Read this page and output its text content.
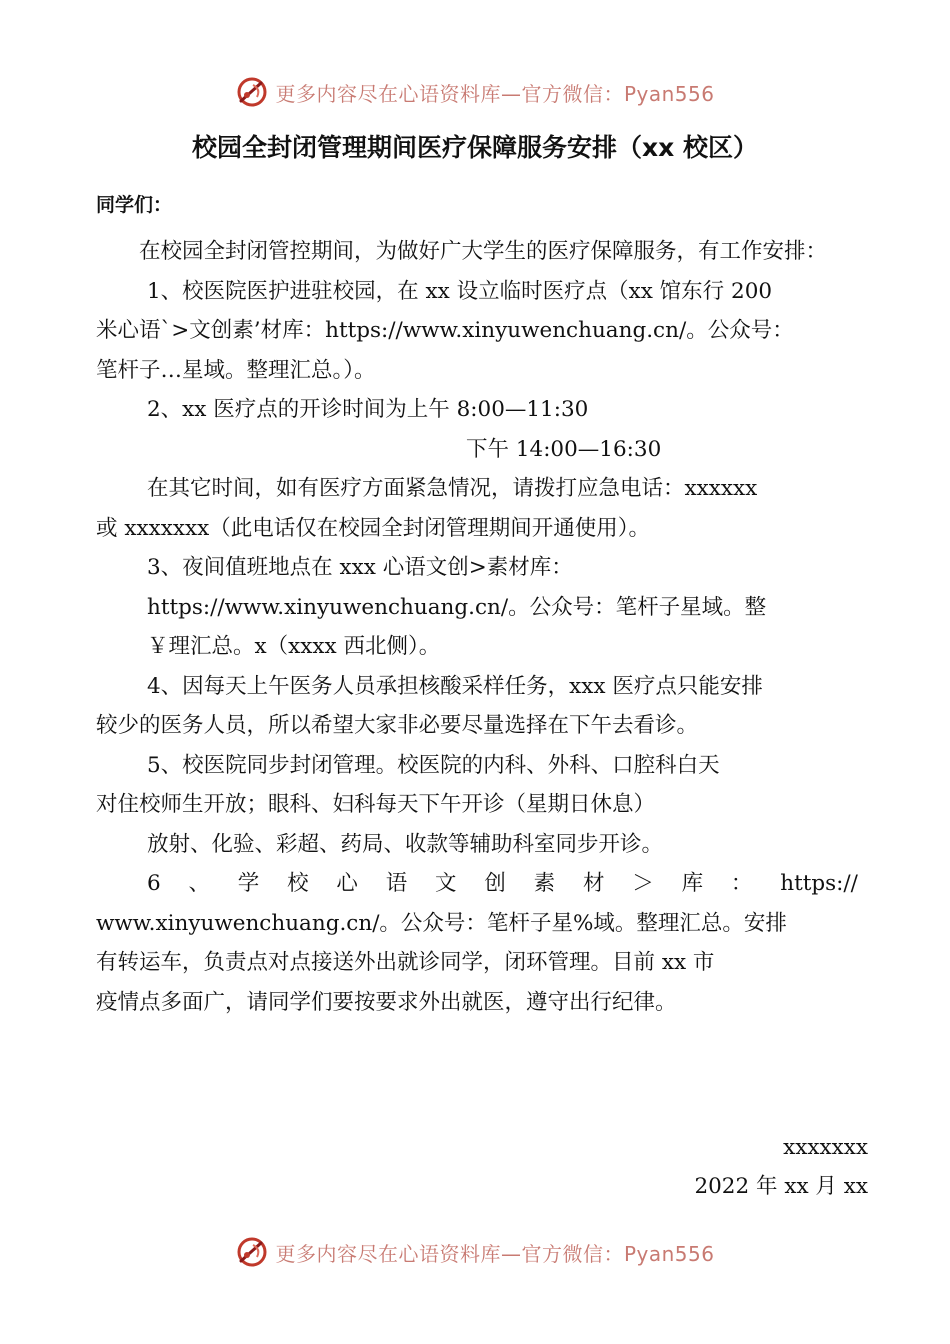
更多内容尽在心语资料库—官方微信：Pyan556
校园全封闭管理期间医疗保障服务安排（xx 校区）
同学们：

在校园全封闭管控期间，为做好广大学生的医疗保障服务，有工作安排：

1、校医院医护进驻校园，在 xx 设立临时医疗点（xx 馆东行 200

米心语`>文创素’材库：https://www.xinyuwenchuang.cn/。公众号：

笔杆子…星域。整理汇总。）。

2、xx 医疗点的开诊时间为上午 8:00—11:30

下午 14:00—16:30

在其它时间，如有医疗方面紧急情况，请拨打应急电话：xxxxxx

或 xxxxxxx（此电话仅在校园全封闭管理期间开通使用）。

3、夜间值班地点在 xxx 心语文创>素材库：

https://www.xinyuwenchuang.cn/。公众号：笔杆子星域。整

￥理汇总。x（xxxx 西北侧）。

4、因每天上午医务人员承担核酸采样任务，xxx 医疗点只能安排

较少的医务人员，所以希望大家非必要尽量选择在下午去看诊。

5、校医院同步封闭管理。校医院的内科、外科、口腔科白天

对住校师生开放；眼科、妇科每天下午开诊（星期日休息）

放射、化验、彩超、药局、收款等辅助科室同步开诊。

6 、 学 校 心 语 文 创 素 材 ＞ 库 ： https://

www.xinyuwenchuang.cn/。公众号：笔杆子星%域。整理汇总。安排

有转运车，负责点对点接送外出就诊同学，闭环管理。目前 xx 市

疫情点多面广，请同学们要按要求外出就医，遵守出行纪律。

xxxxxxx
2022 年 xx 月 xx
更多内容尽在心语资料库—官方微信：Pyan556
